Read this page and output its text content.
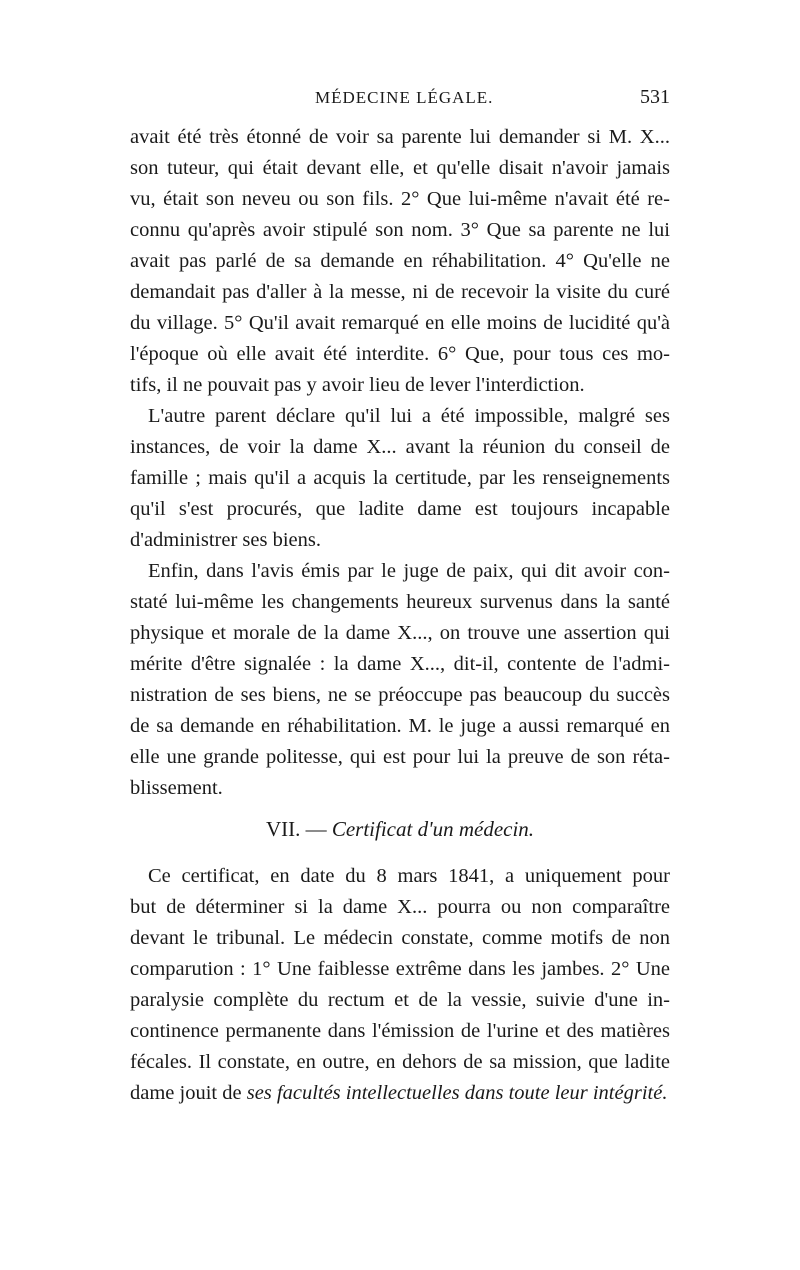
MÉDECINE LÉGALE.	531
avait été très étonné de voir sa parente lui demander si M. X...
son tuteur, qui était devant elle, et qu'elle disait n'avoir jamais
vu, était son neveu ou son fils. 2° Que lui-même n'avait été re-
connu qu'après avoir stipulé son nom. 3° Que sa parente ne lui
avait pas parlé de sa demande en réhabilitation. 4° Qu'elle ne
demandait pas d'aller à la messe, ni de recevoir la visite du curé
du village. 5° Qu'il avait remarqué en elle moins de lucidité qu'à
l'époque où elle avait été interdite. 6° Que, pour tous ces mo-
tifs, il ne pouvait pas y avoir lieu de lever l'interdiction.
L'autre parent déclare qu'il lui a été impossible, malgré ses
instances, de voir la dame X... avant la réunion du conseil de
famille ; mais qu'il a acquis la certitude, par les renseignements
qu'il s'est procurés, que ladite dame est toujours incapable
d'administrer ses biens.
Enfin, dans l'avis émis par le juge de paix, qui dit avoir con-
staté lui-même les changements heureux survenus dans la santé
physique et morale de la dame X..., on trouve une assertion qui
mérite d'être signalée : la dame X..., dit-il, contente de l'admi-
nistration de ses biens, ne se préoccupe pas beaucoup du succès
de sa demande en réhabilitation. M. le juge a aussi remarqué en
elle une grande politesse, qui est pour lui la preuve de son réta-
blissement.
VII. — Certificat d'un médecin.
Ce certificat, en date du 8 mars 1841, a uniquement pour
but de déterminer si la dame X... pourra ou non comparaître
devant le tribunal. Le médecin constate, comme motifs de non
comparution : 1° Une faiblesse extrême dans les jambes. 2° Une
paralysie complète du rectum et de la vessie, suivie d'une in-
continence permanente dans l'émission de l'urine et des matières
fécales. Il constate, en outre, en dehors de sa mission, que ladite
dame jouit de ses facultés intellectuelles dans toute leur intégrité.
